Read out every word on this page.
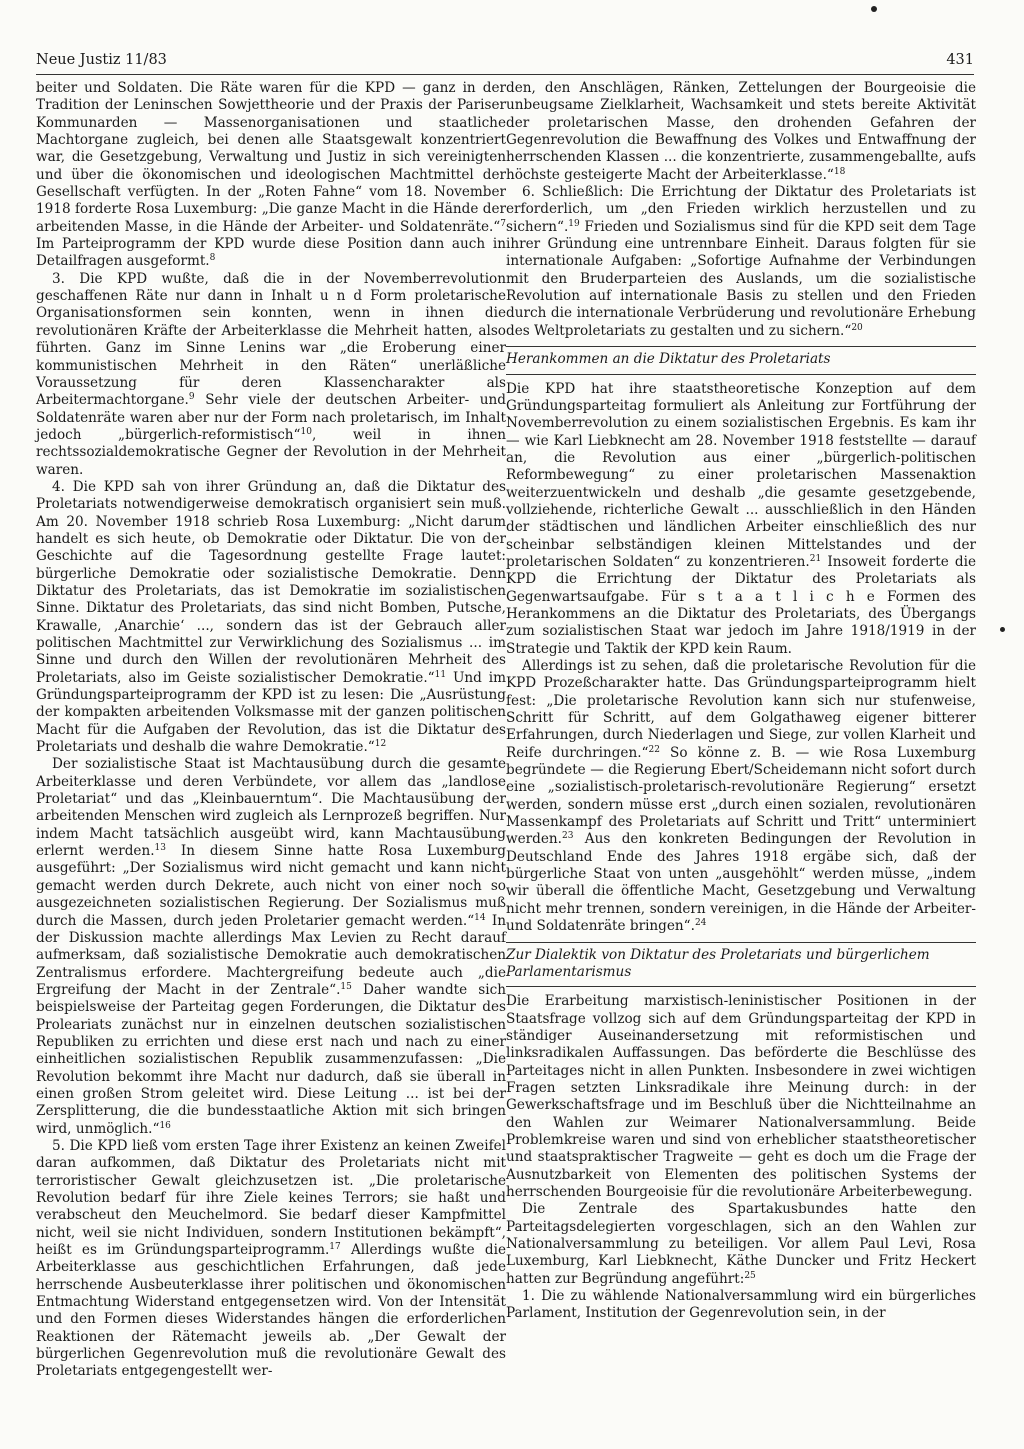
Neue Justiz 11/83	431

beiter und Soldaten. Die Räte waren für die KPD — ganz in der Tradition der Leninschen Sowjettheorie und der Praxis der Pariser Kommunarden — Massenorganisationen und staatliche Machtorgane zugleich, bei denen alle Staatsgewalt konzentriert war, die Gesetzgebung, Verwaltung und Justiz in sich vereinigten und über die ökonomischen und ideologischen Machtmittel der Gesellschaft verfügten. In der „Roten Fahne“ vom 18. November 1918 forderte Rosa Luxemburg: „Die ganze Macht in die Hände der arbeitenden Masse, in die Hände der Arbeiter- und Soldatenräte.“$^7$ Im Parteiprogramm der KPD wurde diese Position dann auch in Detailfragen ausgeformt.$^8$

3. Die KPD wußte, daß die in der Novemberrevolution geschaffenen Räte nur dann in Inhalt u n d Form proletarische Organisationsformen sein konnten, wenn in ihnen die revolutionären Kräfte der Arbeiterklasse die Mehrheit hatten, also führten. Ganz im Sinne Lenins war „die Eroberung einer kommunistischen Mehrheit in den Räten“ unerläßliche Voraussetzung für deren Klassencharakter als Arbeitermachtorgane.$^9$ Sehr viele der deutschen Arbeiter- und Soldatenräte waren aber nur der Form nach proletarisch, im Inhalt jedoch „bürgerlich-reformistisch“$^{10}$, weil in ihnen rechtssozialdemokratische Gegner der Revolution in der Mehrheit waren.

4. Die KPD sah von ihrer Gründung an, daß die Diktatur des Proletariats notwendigerweise demokratisch organisiert sein muß. Am 20. November 1918 schrieb Rosa Luxemburg: „Nicht darum handelt es sich heute, ob Demokratie oder Diktatur. Die von der Geschichte auf die Tagesordnung gestellte Frage lautet: bürgerliche Demokratie oder sozialistische Demokratie. Denn Diktatur des Proletariats, das ist Demokratie im sozialistischen Sinne. Diktatur des Proletariats, das sind nicht Bomben, Putsche, Krawalle, ‚Anarchie‘ ..., sondern das ist der Gebrauch aller politischen Machtmittel zur Verwirklichung des Sozialismus ... im Sinne und durch den Willen der revolutionären Mehrheit des Proletariats, also im Geiste sozialistischer Demokratie.“$^{11}$ Und im Gründungsparteiprogramm der KPD ist zu lesen: Die „Ausrüstung der kompakten arbeitenden Volksmasse mit der ganzen politischen Macht für die Aufgaben der Revolution, das ist die Diktatur des Proletariats und deshalb die wahre Demokratie.“$^{12}$

Der sozialistische Staat ist Machtausübung durch die gesamte Arbeiterklasse und deren Verbündete, vor allem das „landlose Proletariat“ und das „Kleinbauerntum“. Die Machtausübung der arbeitenden Menschen wird zugleich als Lernprozeß begriffen. Nur indem Macht tatsächlich ausgeübt wird, kann Machtausübung erlernt werden.$^{13}$ In diesem Sinne hatte Rosa Luxemburg ausgeführt: „Der Sozialismus wird nicht gemacht und kann nicht gemacht werden durch Dekrete, auch nicht von einer noch so ausgezeichneten sozialistischen Regierung. Der Sozialismus muß durch die Massen, durch jeden Proletarier gemacht werden.“$^{14}$ In der Diskussion machte allerdings Max Levien zu Recht darauf aufmerksam, daß sozialistische Demokratie auch demokratischen Zentralismus erfordere. Machtergreifung bedeute auch „die Ergreifung der Macht in der Zentrale“.$^{15}$ Daher wandte sich beispielsweise der Parteitag gegen Forderungen, die Diktatur des Proleariats zunächst nur in einzelnen deutschen sozialistischen Republiken zu errichten und diese erst nach und nach zu einer einheitlichen sozialistischen Republik zusammenzufassen: „Die Revolution bekommt ihre Macht nur dadurch, daß sie überall in einen großen Strom geleitet wird. Diese Leitung ... ist bei der Zersplitterung, die die bundesstaatliche Aktion mit sich bringen wird, unmöglich.“$^{16}$

5. Die KPD ließ vom ersten Tage ihrer Existenz an keinen Zweifel daran aufkommen, daß Diktatur des Proletariats nicht mit terroristischer Gewalt gleichzusetzen ist. „Die proletarische Revolution bedarf für ihre Ziele keines Terrors; sie haßt und verabscheut den Meuchelmord. Sie bedarf dieser Kampfmittel nicht, weil sie nicht Individuen, sondern Institutionen bekämpft“, heißt es im Gründungsparteiprogramm.$^{17}$ Allerdings wußte die Arbeiterklasse aus geschichtlichen Erfahrungen, daß jede herrschende Ausbeuterklasse ihrer politischen und ökonomischen Entmachtung Widerstand entgegensetzen wird. Von der Intensität und den Formen dieses Widerstandes hängen die erforderlichen Reaktionen der Rätemacht jeweils ab. „Der Gewalt der bürgerlichen Gegenrevolution muß die revolutionäre Gewalt des Proletariats entgegengestellt wer-

den, den Anschlägen, Ränken, Zettelungen der Bourgeoisie die unbeugsame Zielklarheit, Wachsamkeit und stets bereite Aktivität der proletarischen Masse, den drohenden Gefahren der Gegenrevolution die Bewaffnung des Volkes und Entwaffnung der herrschenden Klassen ... die konzentrierte, zusammengeballte, aufs höchste gesteigerte Macht der Arbeiterklasse.“$^{18}$

6. Schließlich: Die Errichtung der Diktatur des Proletariats ist erforderlich, um „den Frieden wirklich herzustellen und zu sichern“.$^{19}$ Frieden und Sozialismus sind für die KPD seit dem Tage ihrer Gründung eine untrennbare Einheit. Daraus folgten für sie internationale Aufgaben: „Sofortige Aufnahme der Verbindungen mit den Bruderparteien des Auslands, um die sozialistische Revolution auf internationale Basis zu stellen und den Frieden durch die internationale Verbrüderung und revolutionäre Erhebung des Weltproletariats zu gestalten und zu sichern.“$^{20}$

Herankommen an die Diktatur des Proletariats

Die KPD hat ihre staatstheoretische Konzeption auf dem Gründungsparteitag formuliert als Anleitung zur Fortführung der Novemberrevolution zu einem sozialistischen Ergebnis. Es kam ihr — wie Karl Liebknecht am 28. November 1918 feststellte — darauf an, die Revolution aus einer „bürgerlich-politischen Reformbewegung“ zu einer proletarischen Massenaktion weiterzuentwickeln und deshalb „die gesamte gesetzgebende, vollziehende, richterliche Gewalt ... ausschließlich in den Händen der städtischen und ländlichen Arbeiter einschließlich des nur scheinbar selbständigen kleinen Mittelstandes und der proletarischen Soldaten“ zu konzentrieren.$^{21}$ Insoweit forderte die KPD die Errichtung der Diktatur des Proletariats als Gegenwartsaufgabe. Für s t a a t l i c h e Formen des Herankommens an die Diktatur des Proletariats, des Übergangs zum sozialistischen Staat war jedoch im Jahre 1918/1919 in der Strategie und Taktik der KPD kein Raum.

Allerdings ist zu sehen, daß die proletarische Revolution für die KPD Prozeßcharakter hatte. Das Gründungsparteiprogramm hielt fest: „Die proletarische Revolution kann sich nur stufenweise, Schritt für Schritt, auf dem Golgathaweg eigener bitterer Erfahrungen, durch Niederlagen und Siege, zur vollen Klarheit und Reife durchringen.“$^{22}$ So könne z. B. — wie Rosa Luxemburg begründete — die Regierung Ebert/Scheidemann nicht sofort durch eine „sozialistisch-proletarisch-revolutionäre Regierung“ ersetzt werden, sondern müsse erst „durch einen sozialen, revolutionären Massenkampf des Proletariats auf Schritt und Tritt“ unterminiert werden.$^{23}$ Aus den konkreten Bedingungen der Revolution in Deutschland Ende des Jahres 1918 ergäbe sich, daß der bürgerliche Staat von unten „ausgehöhlt“ werden müsse, „indem wir überall die öffentliche Macht, Gesetzgebung und Verwaltung nicht mehr trennen, sondern vereinigen, in die Hände der Arbeiter- und Soldatenräte bringen“.$^{24}$

Zur Dialektik von Diktatur des Proletariats und bürgerlichem Parlamentarismus

Die Erarbeitung marxistisch-leninistischer Positionen in der Staatsfrage vollzog sich auf dem Gründungsparteitag der KPD in ständiger Auseinandersetzung mit reformistischen und linksradikalen Auffassungen. Das beförderte die Beschlüsse des Parteitages nicht in allen Punkten. Insbesondere in zwei wichtigen Fragen setzten Linksradikale ihre Meinung durch: in der Gewerkschaftsfrage und im Beschluß über die Nichtteilnahme an den Wahlen zur Weimarer Nationalversammlung. Beide Problemkreise waren und sind von erheblicher staatstheoretischer und staatspraktischer Tragweite — geht es doch um die Frage der Ausnutzbarkeit von Elementen des politischen Systems der herrschenden Bourgeoisie für die revolutionäre Arbeiterbewegung.

Die Zentrale des Spartakusbundes hatte den Parteitagsdelegierten vorgeschlagen, sich an den Wahlen zur Nationalversammlung zu beteiligen. Vor allem Paul Levi, Rosa Luxemburg, Karl Liebknecht, Käthe Duncker und Fritz Heckert hatten zur Begründung angeführt:$^{25}$

1. Die zu wählende Nationalversammlung wird ein bürgerliches Parlament, Institution der Gegenrevolution sein, in der
